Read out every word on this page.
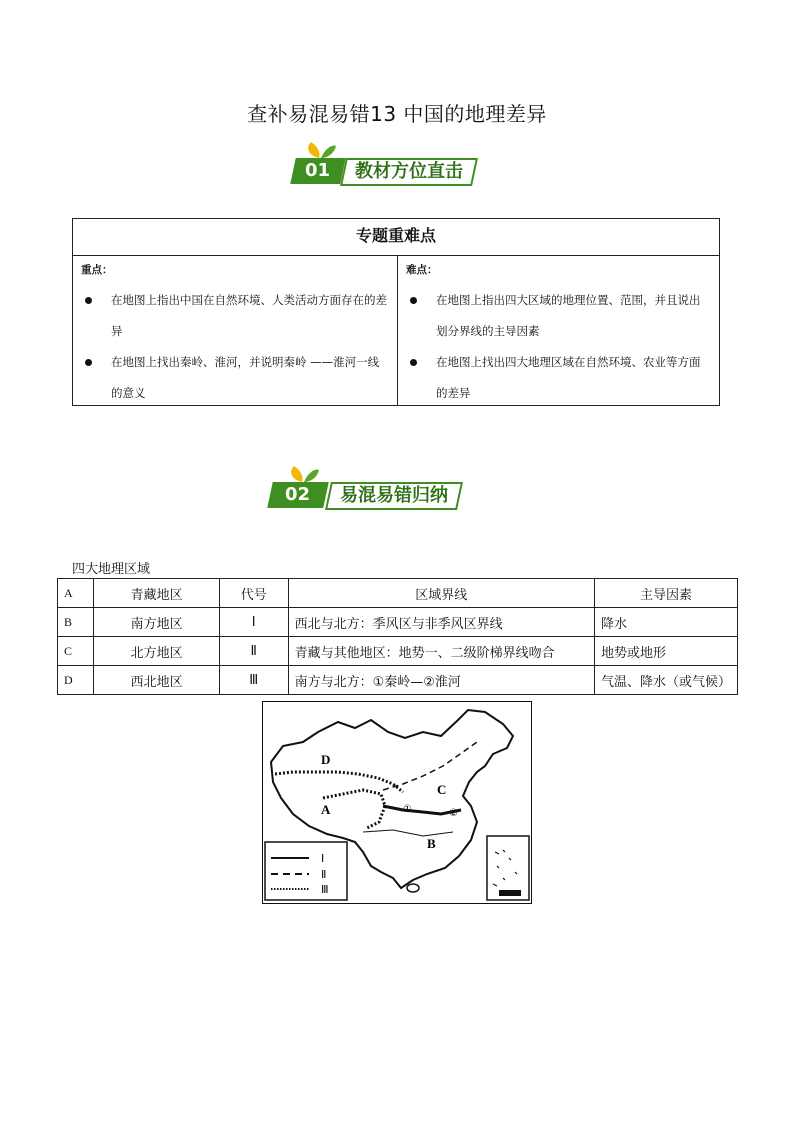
查补易混易错13 中国的地理差异
01	教材方位直击
专题重难点
重点：
在地图上指出中国在自然环境、人类活动方面存在的差异
在地图上找出秦岭、淮河，并说明秦岭 ——淮河一线的意义
难点：
在地图上指出四大区域的地理位置、范围，并且说出划分界线的主导因素
在地图上找出四大地理区域在自然环境、农业等方面的差异
02	易混易错归纳
四大地理区域
A	青藏地区	代号	区域界线	主导因素
B	南方地区	Ⅰ	西北与北方：季风区与非季风区界线	降水
C	北方地区	Ⅱ	青藏与其他地区：地势一、二级阶梯界线吻合	地势或地形
D	西北地区	Ⅲ	南方与北方：①秦岭—②淮河	气温、降水（或气候）
D
A
C
B
①	②
Ⅰ
Ⅱ
Ⅲ
